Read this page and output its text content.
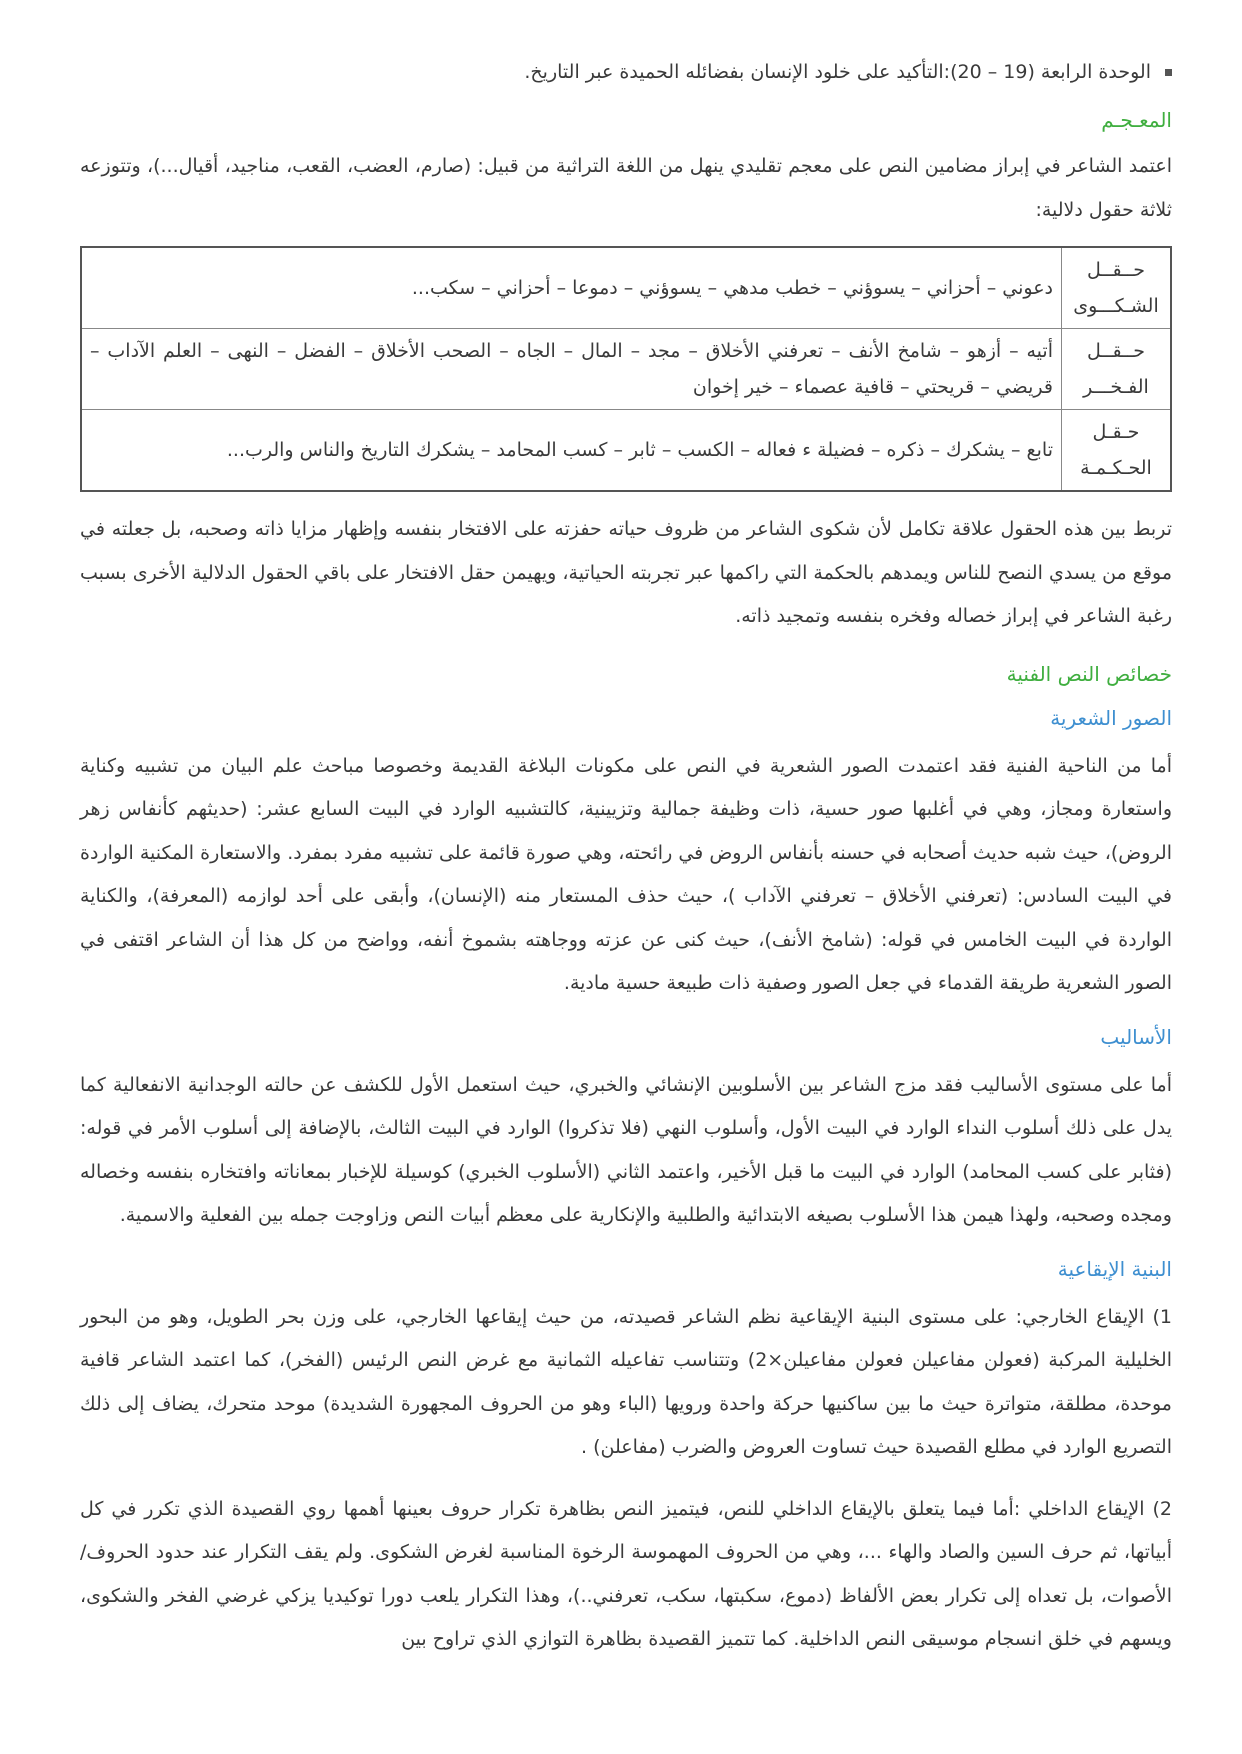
الوحدة الرابعة (19 – 20):التأكيد على خلود الإنسان بفضائله الحميدة عبر التاريخ.
المعـجـم

اعتمد الشاعر في إبراز مضامين النص على معجم تقليدي ينهل من اللغة التراثية من قبيل: (صارم، العضب، القعب، مناجيد، أقيال...)، وتتوزعه ثلاثة حقول دلالية:

حــقــل الشـكـــوى	دعوني – أحزاني – يسوؤني – خطب مدهي – يسوؤني – دموعا – أحزاني – سكب...
حــقــل الفـخـــر	أتيه – أزهو – شامخ الأنف – تعرفني الأخلاق – مجد – المال – الجاه – الصحب الأخلاق – الفضل – النهى – العلم الآداب – قريضي – قريحتي – قافية عصماء – خير إخوان
حـقـل الحـكـمـة	تابع – يشكرك – ذكره – فضيلة ء فعاله – الكسب – ثابر – كسب المحامد – يشكرك التاريخ والناس والرب...

تربط بين هذه الحقول علاقة تكامل لأن شكوى الشاعر من ظروف حياته حفزته على الافتخار بنفسه وإظهار مزايا ذاته وصحبه، بل جعلته في موقع من يسدي النصح للناس ويمدهم بالحكمة التي راكمها عبر تجربته الحياتية، ويهيمن حقل الافتخار على باقي الحقول الدلالية الأخرى بسبب رغبة الشاعر في إبراز خصاله وفخره بنفسه وتمجيد ذاته.

خصائص النص الفنية
الصور الشعرية

أما من الناحية الفنية فقد اعتمدت الصور الشعرية في النص على مكونات البلاغة القديمة وخصوصا مباحث علم البيان من تشبيه وكناية واستعارة ومجاز، وهي في أغلبها صور حسية، ذات وظيفة جمالية وتزيينية، كالتشبيه الوارد في البيت السابع عشر: (حديثهم كأنفاس زهر الروض)، حيث شبه حديث أصحابه في حسنه بأنفاس الروض في رائحته، وهي صورة قائمة على تشبيه مفرد بمفرد. والاستعارة المكنية الواردة في البيت السادس: (تعرفني الأخلاق – تعرفني الآداب )، حيث حذف المستعار منه (الإنسان)، وأبقى على أحد لوازمه (المعرفة)، والكناية الواردة في البيت الخامس في قوله: (شامخ الأنف)، حيث كنى عن عزته ووجاهته بشموخ أنفه، وواضح من كل هذا أن الشاعر اقتفى في الصور الشعرية طريقة القدماء في جعل الصور وصفية ذات طبيعة حسية مادية.

الأساليب

أما على مستوى الأساليب فقد مزج الشاعر بين الأسلوبين الإنشائي والخبري، حيث استعمل الأول للكشف عن حالته الوجدانية الانفعالية كما يدل على ذلك أسلوب النداء الوارد في البيت الأول، وأسلوب النهي (فلا تذكروا) الوارد في البيت الثالث، بالإضافة إلى أسلوب الأمر في قوله:(فثابر على كسب المحامد) الوارد في البيت ما قبل الأخير، واعتمد الثاني (الأسلوب الخبري) كوسيلة للإخبار بمعاناته وافتخاره بنفسه وخصاله ومجده وصحبه، ولهذا هيمن هذا الأسلوب بصيغه الابتدائية والطلبية والإنكارية على معظم أبيات النص وزاوجت جمله بين الفعلية والاسمية.

البنية الإيقاعية

1) الإيقاع الخارجي: على مستوى البنية الإيقاعية نظم الشاعر قصيدته، من حيث إيقاعها الخارجي، على وزن بحر الطويل، وهو من البحور الخليلية المركبة (فعولن مفاعيلن فعولن مفاعيلن×2) وتتناسب تفاعيله الثمانية مع غرض النص الرئيس (الفخر)، كما اعتمد الشاعر قافية موحدة، مطلقة، متواترة حيث ما بين ساكنيها حركة واحدة ورويها (الباء وهو من الحروف المجهورة الشديدة) موحد متحرك، يضاف إلى ذلك التصريع الوارد في مطلع القصيدة حيث تساوت العروض والضرب (مفاعلن) .

2) الإيقاع الداخلي :أما فيما يتعلق بالإيقاع الداخلي للنص، فيتميز النص بظاهرة تكرار حروف بعينها أهمها روي القصيدة الذي تكرر في كل أبياتها، ثم حرف السين والصاد والهاء ...، وهي من الحروف المهموسة الرخوة المناسبة لغرض الشكوى. ولم يقف التكرار عند حدود الحروف/الأصوات، بل تعداه إلى تكرار بعض الألفاظ (دموع، سكبتها، سكب، تعرفني..)، وهذا التكرار يلعب دورا توكيديا يزكي غرضي الفخر والشكوى، ويسهم في خلق انسجام موسيقى النص الداخلية. كما تتميز القصيدة بظاهرة التوازي الذي تراوح بين
